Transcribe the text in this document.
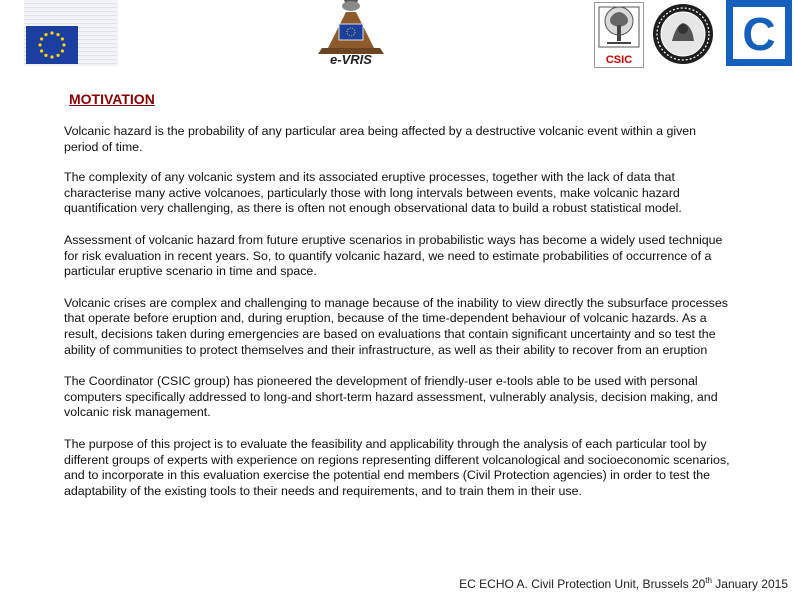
e-VRIS	CSIC C
MOTIVATION

Volcanic hazard is the probability of any particular area being affected by a destructive volcanic event within a given period of time.

The complexity of any volcanic system and its associated eruptive processes, together with the lack of data that characterise many active volcanoes, particularly those with long intervals between events, make volcanic hazard quantification very challenging, as there is often not enough observational data to build a robust statistical model.

Assessment of volcanic hazard from future eruptive scenarios in probabilistic ways has become a widely used technique for risk evaluation in recent years. So, to quantify volcanic hazard, we need to estimate probabilities of occurrence of a particular eruptive scenario in time and space.

Volcanic crises are complex and challenging to manage because of the inability to view directly the subsurface processes that operate before eruption and, during eruption, because of the time-dependent behaviour of volcanic hazards. As a result, decisions taken during emergencies are based on evaluations that contain significant uncertainty and so test the ability of communities to protect themselves and their infrastructure, as well as their ability to recover from an eruption

The Coordinator (CSIC group) has pioneered the development of friendly-user e-tools able to be used with personal computers specifically addressed to long-and short-term hazard assessment, vulnerably analysis, decision making, and volcanic risk management.

The purpose of this project is to evaluate the feasibility and applicability through the analysis of each particular tool by different groups of experts with experience on regions representing different volcanological and socioeconomic scenarios, and to incorporate in this evaluation exercise the potential end members (Civil Protection agencies) in order to test the adaptability of the existing tools to their needs and requirements, and to train them in their use.

EC ECHO A. Civil Protection Unit, Brussels 20th January 2015
